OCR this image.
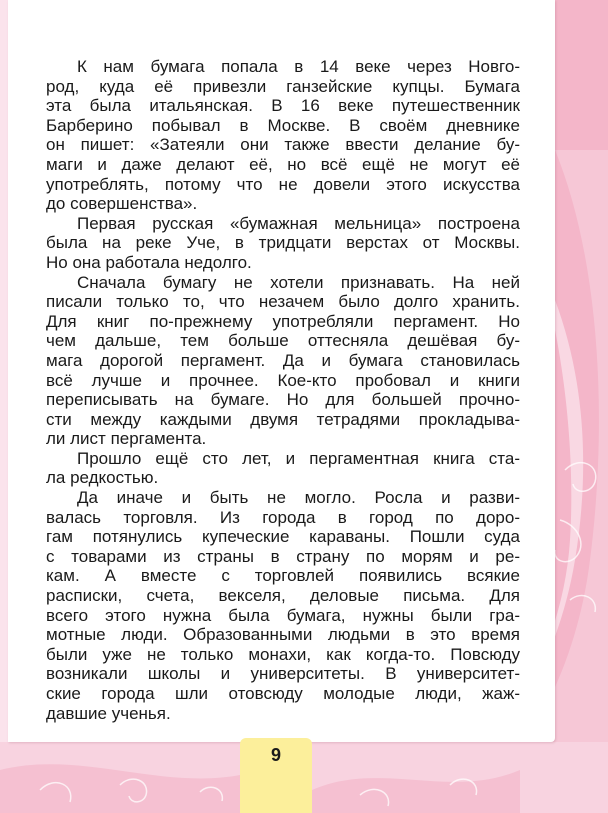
К нам бумага попала в 14 веке через Новго-
род, куда её привезли ганзейские купцы. Бумага
эта была итальянская. В 16 веке путешественник
Барберино побывал в Москве. В своём дневнике
он пишет: «Затеяли они также ввести делание бу-
маги и даже делают её, но всё ещё не могут её
употреблять, потому что не довели этого искусства
до совершенства».
Первая русская «бумажная мельница» построена
была на реке Уче, в тридцати верстах от Москвы.
Но она работала недолго.
Сначала бумагу не хотели признавать. На ней
писали только то, что незачем было долго хранить.
Для книг по-прежнему употребляли пергамент. Но
чем дальше, тем больше оттесняла дешёвая бу-
мага дорогой пергамент. Да и бумага становилась
всё лучше и прочнее. Кое-кто пробовал и книги
переписывать на бумаге. Но для большей прочно-
сти между каждыми двумя тетрадями прокладыва-
ли лист пергамента.
Прошло ещё сто лет, и пергаментная книга ста-
ла редкостью.
Да иначе и быть не могло. Росла и разви-
валась торговля. Из города в город по доро-
гам потянулись купеческие караваны. Пошли суда
с товарами из страны в страну по морям и ре-
кам. А вместе с торговлей появились всякие
расписки, счета, векселя, деловые письма. Для
всего этого нужна была бумага, нужны были гра-
мотные люди. Образованными людьми в это время
были уже не только монахи, как когда-то. Повсюду
возникали школы и университеты. В университет-
ские города шли отовсюду молодые люди, жаж-
давшие ученья.
9
